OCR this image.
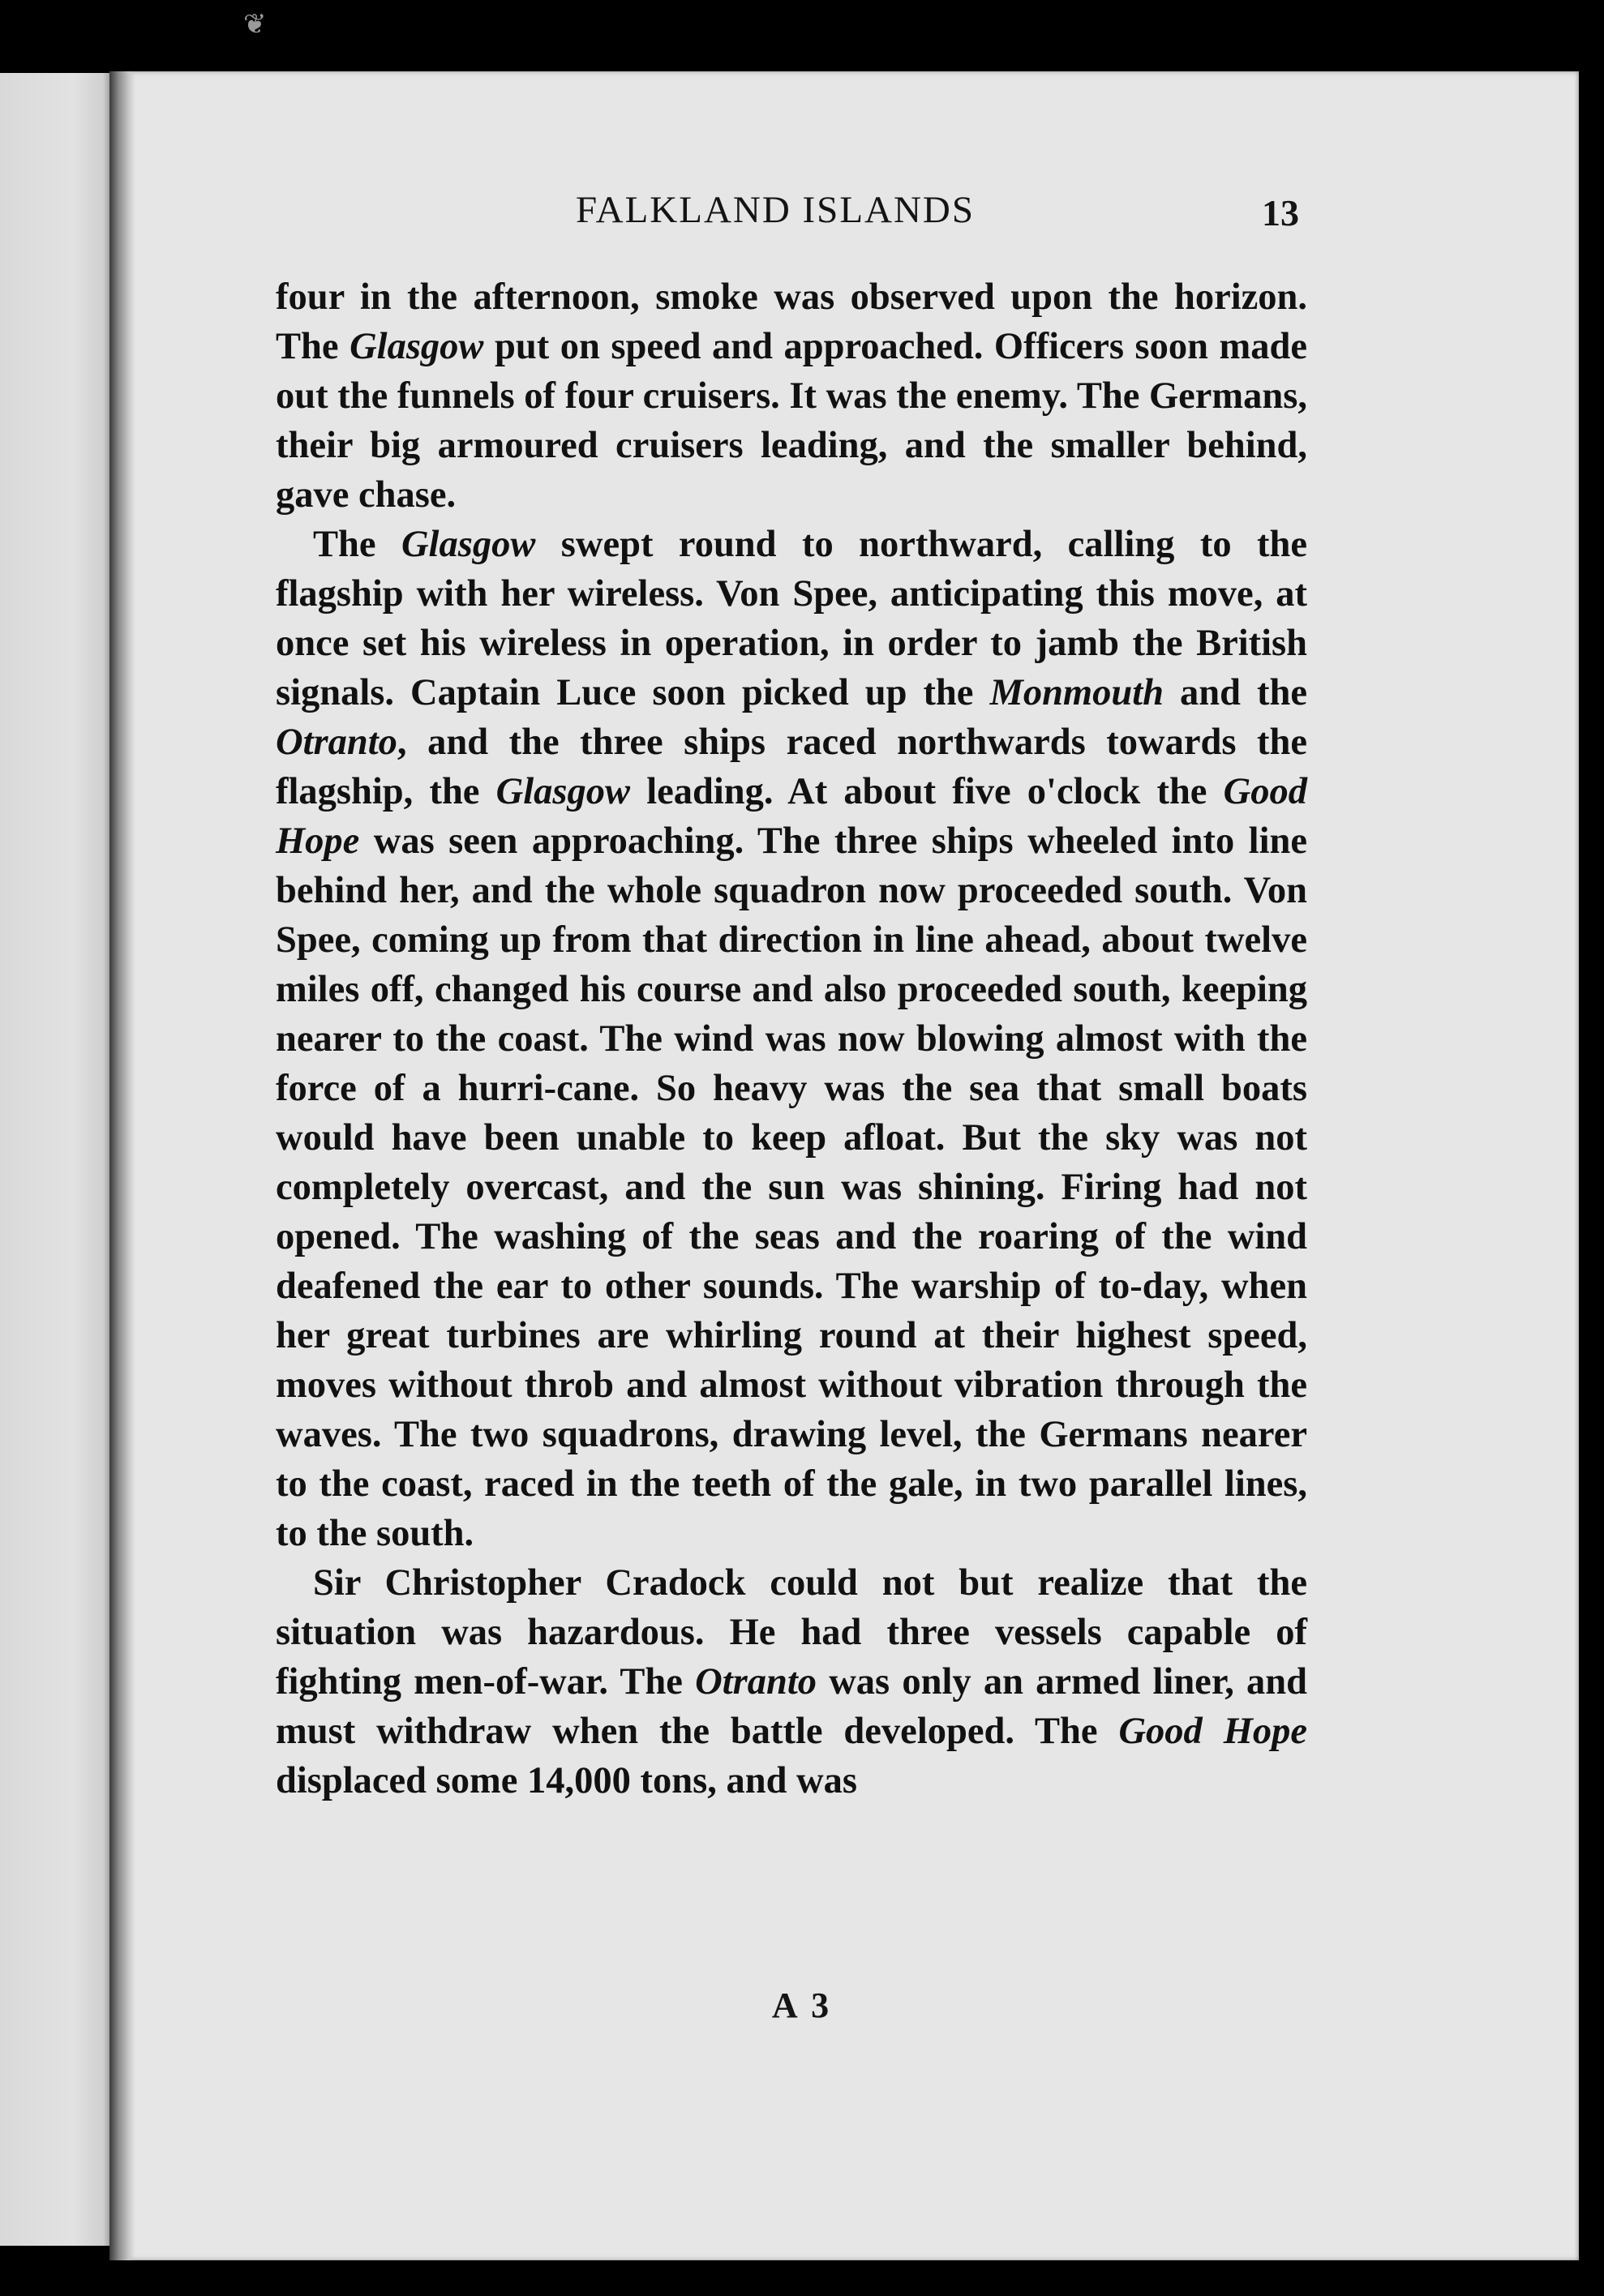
❦
FALKLAND ISLANDS	13

four in the afternoon, smoke was observed upon the horizon. The Glasgow put on speed and approached. Officers soon made out the funnels of four cruisers. It was the enemy. The Germans, their big armoured cruisers leading, and the smaller behind, gave chase.

The Glasgow swept round to northward, calling to the flagship with her wireless. Von Spee, anticipating this move, at once set his wireless in operation, in order to jamb the British signals. Captain Luce soon picked up the Monmouth and the Otranto, and the three ships raced northwards towards the flagship, the Glasgow leading. At about five o'clock the Good Hope was seen approaching. The three ships wheeled into line behind her, and the whole squadron now proceeded south. Von Spee, coming up from that direction in line ahead, about twelve miles off, changed his course and also proceeded south, keeping nearer to the coast. The wind was now blowing almost with the force of a hurri-cane. So heavy was the sea that small boats would have been unable to keep afloat. But the sky was not completely overcast, and the sun was shining. Firing had not opened. The washing of the seas and the roaring of the wind deafened the ear to other sounds. The warship of to-day, when her great turbines are whirling round at their highest speed, moves without throb and almost without vibration through the waves. The two squadrons, drawing level, the Germans nearer to the coast, raced in the teeth of the gale, in two parallel lines, to the south.

Sir Christopher Cradock could not but realize that the situation was hazardous. He had three vessels capable of fighting men-of-war. The Otranto was only an armed liner, and must withdraw when the battle developed. The Good Hope displaced some 14,000 tons, and was

A 3
